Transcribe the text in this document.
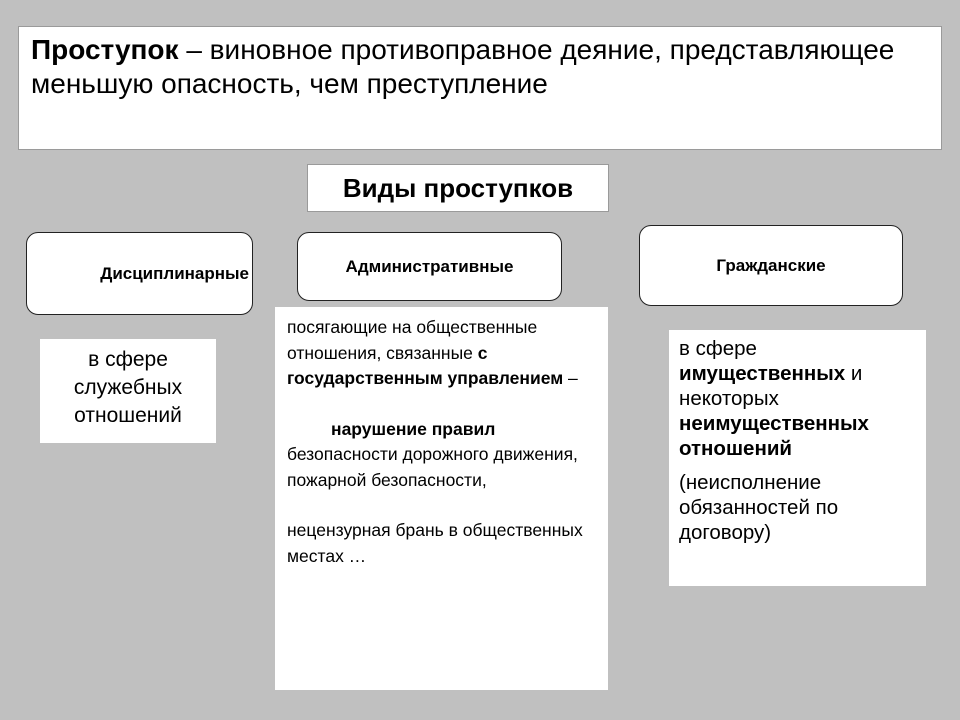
Проступок – виновное противоправное деяние, представляющее меньшую опасность, чем преступление
Виды проступков
Дисциплинарные	Административные	Гражданские
в сфере служебных отношений

посягающие на общественные отношения, связанные с государственным управлением –

нарушение правил

безопасности дорожного движения,

пожарной безопасности,

нецензурная брань в общественных местах …

в сфере имущественных и некоторых неимущественных отношений

(неисполнение обязанностей по договору)
